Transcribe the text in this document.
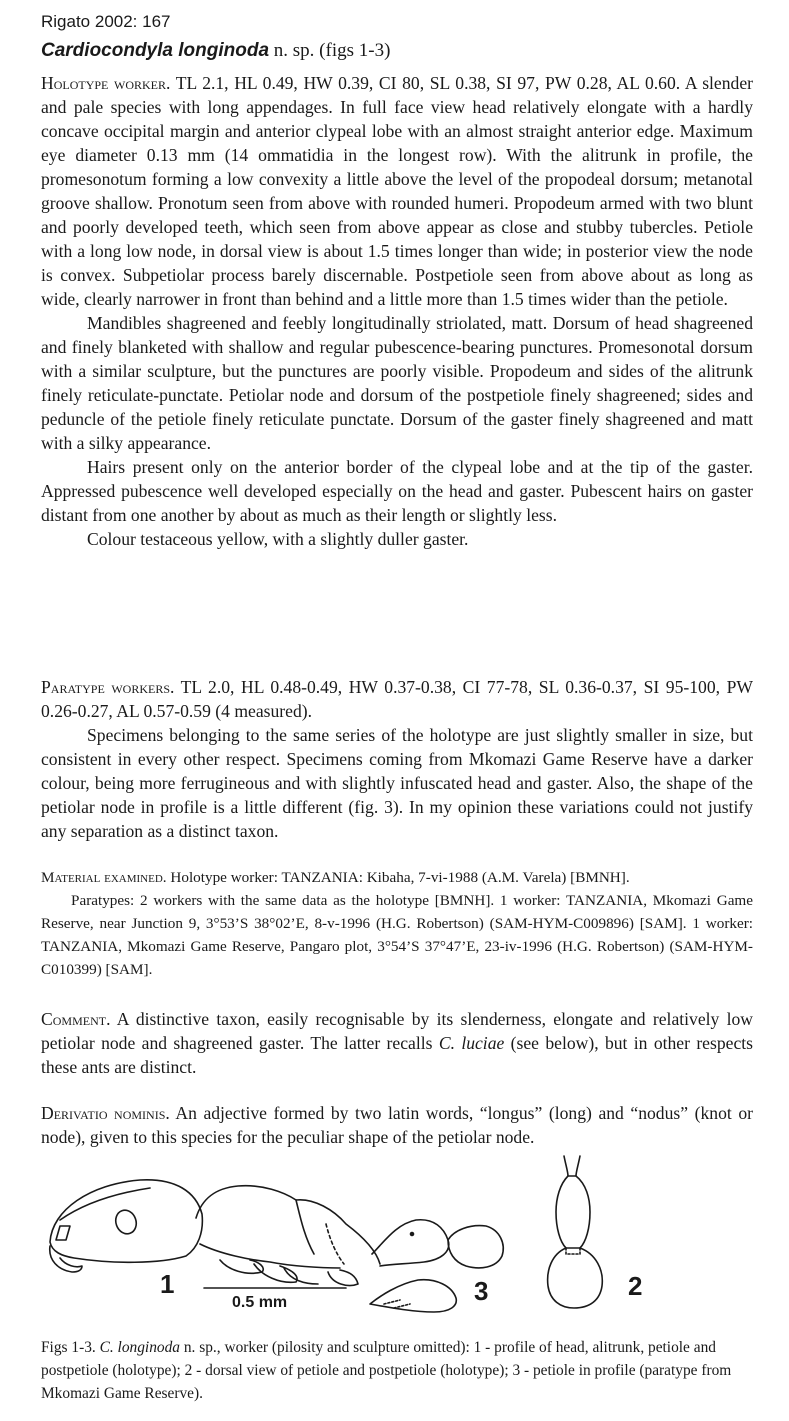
Rigato 2002: 167
Cardiocondyla longinoda n. sp. (figs 1-3)

Holotype worker. TL 2.1, HL 0.49, HW 0.39, CI 80, SL 0.38, SI 97, PW 0.28, AL 0.60. A slender and pale species with long appendages. In full face view head relatively elongate with a hardly concave occipital margin and anterior clypeal lobe with an almost straight anterior edge. Maximum eye diameter 0.13 mm (14 ommatidia in the longest row). With the alitrunk in profile, the promesonotum forming a low convexity a little above the level of the propodeal dorsum; metanotal groove shallow. Pronotum seen from above with rounded humeri. Propodeum armed with two blunt and poorly developed teeth, which seen from above appear as close and stubby tubercles. Petiole with a long low node, in dorsal view is about 1.5 times longer than wide; in posterior view the node is convex. Subpetiolar process barely discernable. Postpetiole seen from above about as long as wide, clearly narrower in front than behind and a little more than 1.5 times wider than the petiole.

Mandibles shagreened and feebly longitudinally striolated, matt. Dorsum of head shagreened and finely blanketed with shallow and regular pubescence-bearing punctures. Promesonotal dorsum with a similar sculpture, but the punctures are poorly visible. Propodeum and sides of the alitrunk finely reticulate-punctate. Petiolar node and dorsum of the postpetiole finely shagreened; sides and peduncle of the petiole finely reticulate punctate. Dorsum of the gaster finely shagreened and matt with a silky appearance.

Hairs present only on the anterior border of the clypeal lobe and at the tip of the gaster. Appressed pubescence well developed especially on the head and gaster. Pubescent hairs on gaster distant from one another by about as much as their length or slightly less.

Colour testaceous yellow, with a slightly duller gaster.

Paratype workers. TL 2.0, HL 0.48-0.49, HW 0.37-0.38, CI 77-78, SL 0.36-0.37, SI 95-100, PW 0.26-0.27, AL 0.57-0.59 (4 measured).

Specimens belonging to the same series of the holotype are just slightly smaller in size, but consistent in every other respect. Specimens coming from Mkomazi Game Reserve have a darker colour, being more ferrugineous and with slightly infuscated head and gaster. Also, the shape of the petiolar node in profile is a little different (fig. 3). In my opinion these variations could not justify any separation as a distinct taxon.

Material examined. Holotype worker: TANZANIA: Kibaha, 7-vi-1988 (A.M. Varela) [BMNH].

Paratypes: 2 workers with the same data as the holotype [BMNH]. 1 worker: TANZANIA, Mkomazi Game Reserve, near Junction 9, 3°53’S 38°02’E, 8-v-1996 (H.G. Robertson) (SAM-HYM-C009896) [SAM]. 1 worker: TANZANIA, Mkomazi Game Reserve, Pangaro plot, 3°54’S 37°47’E, 23-iv-1996 (H.G. Robertson) (SAM-HYM-C010399) [SAM].

Comment. A distinctive taxon, easily recognisable by its slenderness, elongate and relatively low petiolar node and shagreened gaster. The latter recalls C. luciae (see below), but in other respects these ants are distinct.

Derivatio nominis. An adjective formed by two latin words, “longus” (long) and “nodus” (knot or node), given to this species for the peculiar shape of the petiolar node.

1	3	2
0.5 mm
Figs 1-3. C. longinoda n. sp., worker (pilosity and sculpture omitted): 1 - profile of head, alitrunk, petiole and postpetiole (holotype); 2 - dorsal view of petiole and postpetiole (holotype); 3 - petiole in profile (paratype from Mkomazi Game Reserve).
